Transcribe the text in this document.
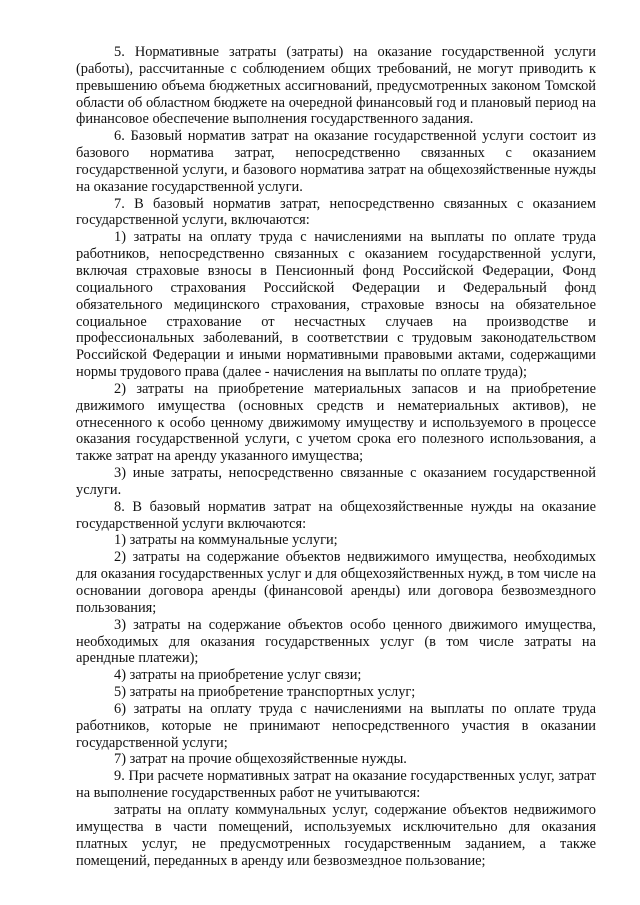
5. Нормативные затраты (затраты) на оказание государственной услуги (работы), рассчитанные с соблюдением общих требований, не могут приводить к превышению объема бюджетных ассигнований, предусмотренных законом Томской области об областном бюджете на очередной финансовый год и плановый период на финансовое обеспечение выполнения государственного задания.

6. Базовый норматив затрат на оказание государственной услуги состоит из базового норматива затрат, непосредственно связанных с оказанием государственной услуги, и базового норматива затрат на общехозяйственные нужды на оказание государственной услуги.

7. В базовый норматив затрат, непосредственно связанных с оказанием государственной услуги, включаются:

1) затраты на оплату труда с начислениями на выплаты по оплате труда работников, непосредственно связанных с оказанием государственной услуги, включая страховые взносы в Пенсионный фонд Российской Федерации, Фонд социального страхования Российской Федерации и Федеральный фонд обязательного медицинского страхования, страховые взносы на обязательное социальное страхование от несчастных случаев на производстве и профессиональных заболеваний, в соответствии с трудовым законодательством Российской Федерации и иными нормативными правовыми актами, содержащими нормы трудового права (далее - начисления на выплаты по оплате труда);

2) затраты на приобретение материальных запасов и на приобретение движимого имущества (основных средств и нематериальных активов), не отнесенного к особо ценному движимому имуществу и используемого в процессе оказания государственной услуги, с учетом срока его полезного использования, а также затрат на аренду указанного имущества;

3) иные затраты, непосредственно связанные с оказанием государственной услуги.

8. В базовый норматив затрат на общехозяйственные нужды на оказание государственной услуги включаются:

1) затраты на коммунальные услуги;

2) затраты на содержание объектов недвижимого имущества, необходимых для оказания государственных услуг и для общехозяйственных нужд, в том числе на основании договора аренды (финансовой аренды) или договора безвозмездного пользования;

3) затраты на содержание объектов особо ценного движимого имущества, необходимых для оказания государственных услуг (в том числе затраты на арендные платежи);

4) затраты на приобретение услуг связи;

5) затраты на приобретение транспортных услуг;

6) затраты на оплату труда с начислениями на выплаты по оплате труда работников, которые не принимают непосредственного участия в оказании государственной услуги;

7) затрат на прочие общехозяйственные нужды.

9. При расчете нормативных затрат на оказание государственных услуг, затрат на выполнение государственных работ не учитываются:

затраты на оплату коммунальных услуг, содержание объектов недвижимого имущества в части помещений, используемых исключительно для оказания платных услуг, не предусмотренных государственным заданием, а также помещений, переданных в аренду или безвозмездное пользование;
